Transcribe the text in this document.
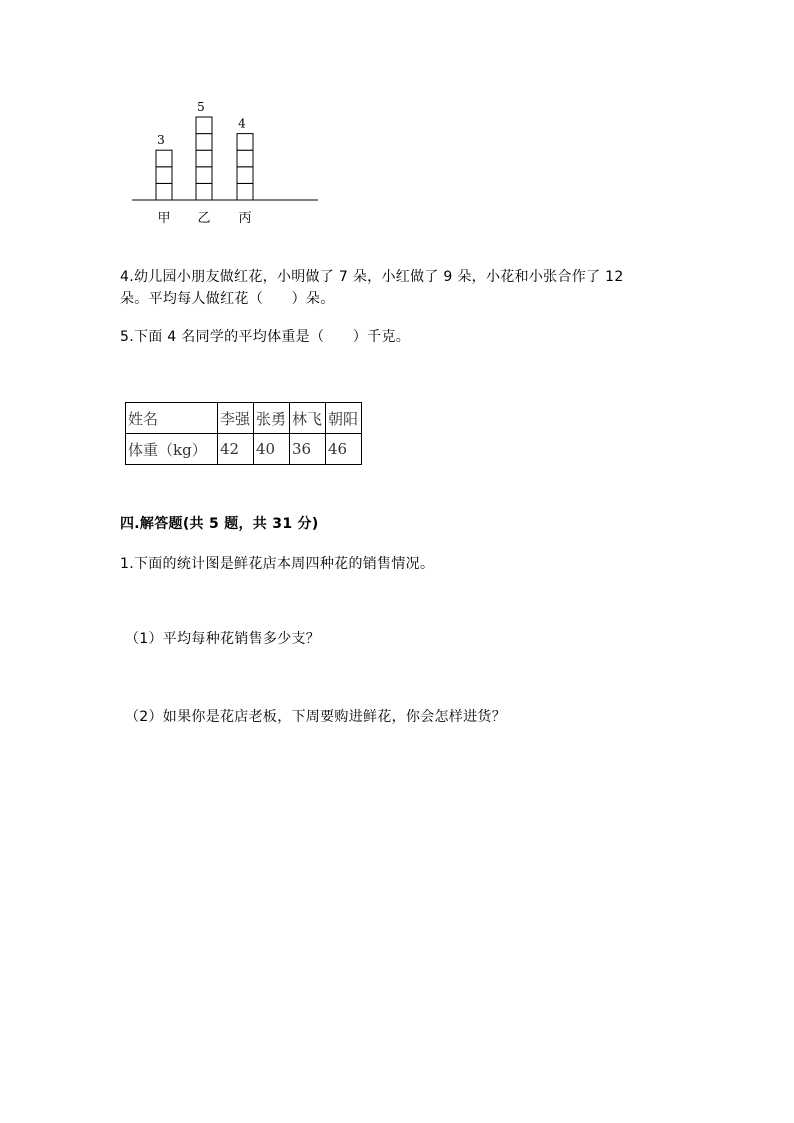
3
甲
5
乙
4
丙
4.幼儿园小朋友做红花，小明做了 7 朵，小红做了 9 朵，小花和小张合作了 12
朵。平均每人做红花（　　）朵。
5.下面 4 名同学的平均体重是（　　）千克。
姓名	李强	张勇	林飞	朝阳
体重（kg）	42	40	36	46
四.解答题(共 5 题，共 31 分)
1.下面的统计图是鲜花店本周四种花的销售情况。
（1）平均每种花销售多少支？
（2）如果你是花店老板，下周要购进鲜花，你会怎样进货？
